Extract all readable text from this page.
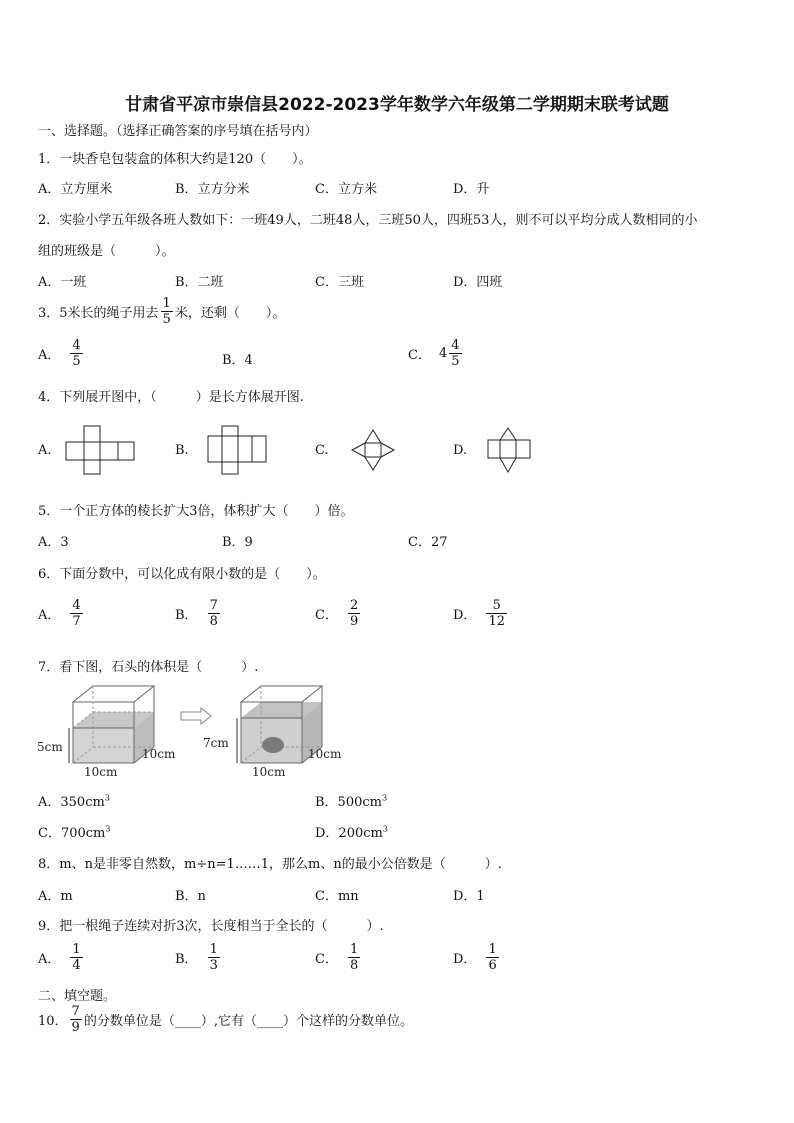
甘肃省平凉市崇信县2022-2023学年数学六年级第二学期期末联考试题
一、选择题。（选择正确答案的序号填在括号内）
1．一块香皂包装盒的体积大约是120（　　）。
A．立方厘米	B．立方分米	C．立方米	D．升
2．实验小学五年级各班人数如下：一班49人，二班48人，三班50人，四班53人，则不可以平均分成人数相同的小
组的班级是（　　　）。
A．一班	B．二班	C．三班	D．四班
3．5米长的绳子用去 $\frac{1}{5}$ 米，还剩（　　）。
A． $\frac{4}{5}$	B．4	C． $4 \frac{4}{5}$
4．下列展开图中，（　　　）是长方体展开图.
A.	B.	C.	D.
5．一个正方体的棱长扩大3倍，体积扩大（　　）倍。
A．3	B．9	C．27
6．下面分数中，可以化成有限小数的是（　　）。
A． $\frac{4}{7}$	B． $\frac{7}{8}$	C． $\frac{2}{9}$	D． $\frac{5}{12}$
7．看下图，石头的体积是（　　　）.
5cm
10cm
10cm
7cm
10cm
10cm
A．$350cm^3$	B．$500cm^3$
C．$700cm^3$	D．$200cm^3$
8．m、n是非零自然数，m÷n=1……1，那么m、n的最小公倍数是（　　　）.
A．m	B．n	C．mn	D．1
9．把一根绳子连续对折3次，长度相当于全长的（　　　）.
A． $\frac{1}{4}$	B． $\frac{1}{3}$	C． $\frac{1}{8}$	D． $\frac{1}{6}$
二、填空题。
10． $\frac{7}{9}$ 的分数单位是（____）,它有（____）个这样的分数单位。
